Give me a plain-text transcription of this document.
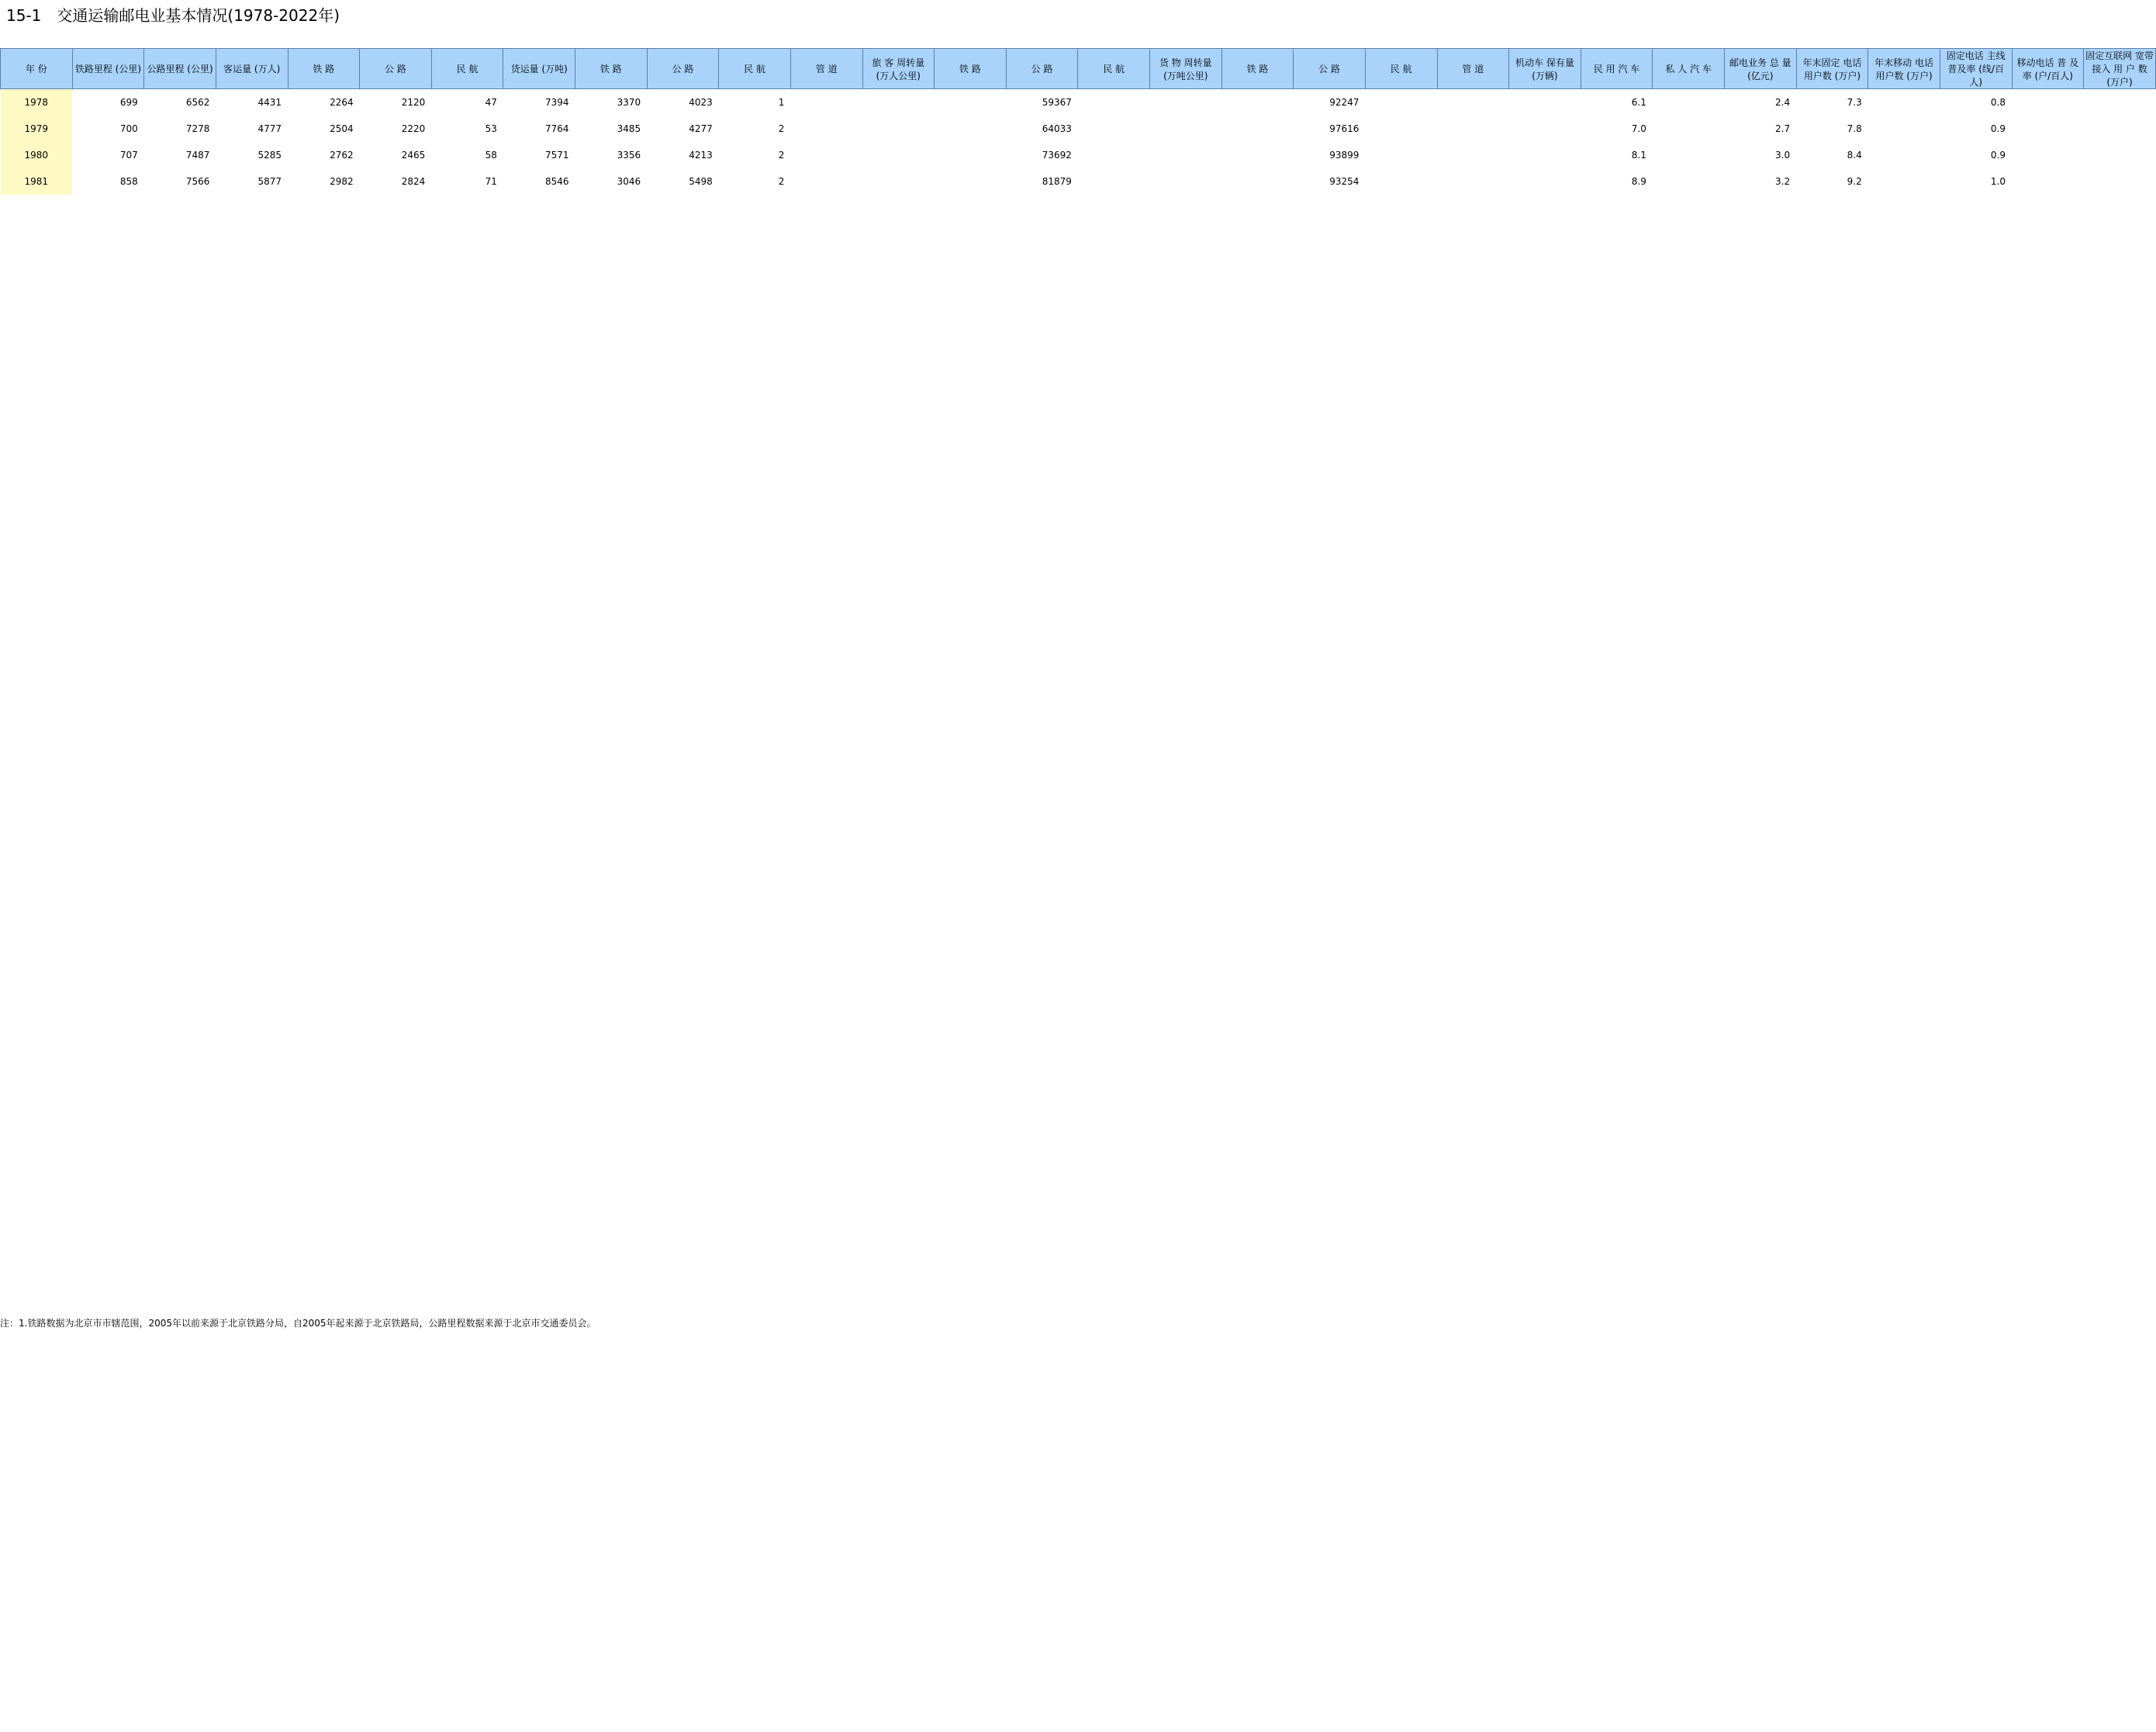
15-1　交通运输邮电业基本情况(1978-2022年)
年 份	铁路里程 (公里)	公路里程 (公里)	客运量 (万人)	铁 路	公 路	民 航	货运量 (万吨)	铁 路	公 路	民 航	管 道	旅 客 周转量 (万人公里)	铁 路	公 路	民 航	货 物 周转量 (万吨公里)	铁 路	公 路	民 航	管 道	机动车 保有量 (万辆)	民 用 汽 车	私 人 汽 车	邮电业务 总 量 (亿元)	年末固定 电话用户数 (万户)	年末移动 电话用户数 (万户)	固定电话 主线普及率 (线/百人)	移动电话 普 及 率 (户/百人)	固定互联网 宽带接入 用 户 数 (万户)
1978	699	6562	4431	2264	2120	47	7394	3370	4023	1				59367				92247				6.1		2.4	7.3		0.8		
1979	700	7278	4777	2504	2220	53	7764	3485	4277	2				64033				97616				7.0		2.7	7.8		0.9		
1980	707	7487	5285	2762	2465	58	7571	3356	4213	2				73692				93899				8.1		3.0	8.4		0.9		
1981	858	7566	5877	2982	2824	71	8546	3046	5498	2				81879				93254				8.9		3.2	9.2		1.0		
注：1.铁路数据为北京市市辖范围，2005年以前来源于北京铁路分局，自2005年起来源于北京铁路局，公路里程数据来源于北京市交通委员会。
